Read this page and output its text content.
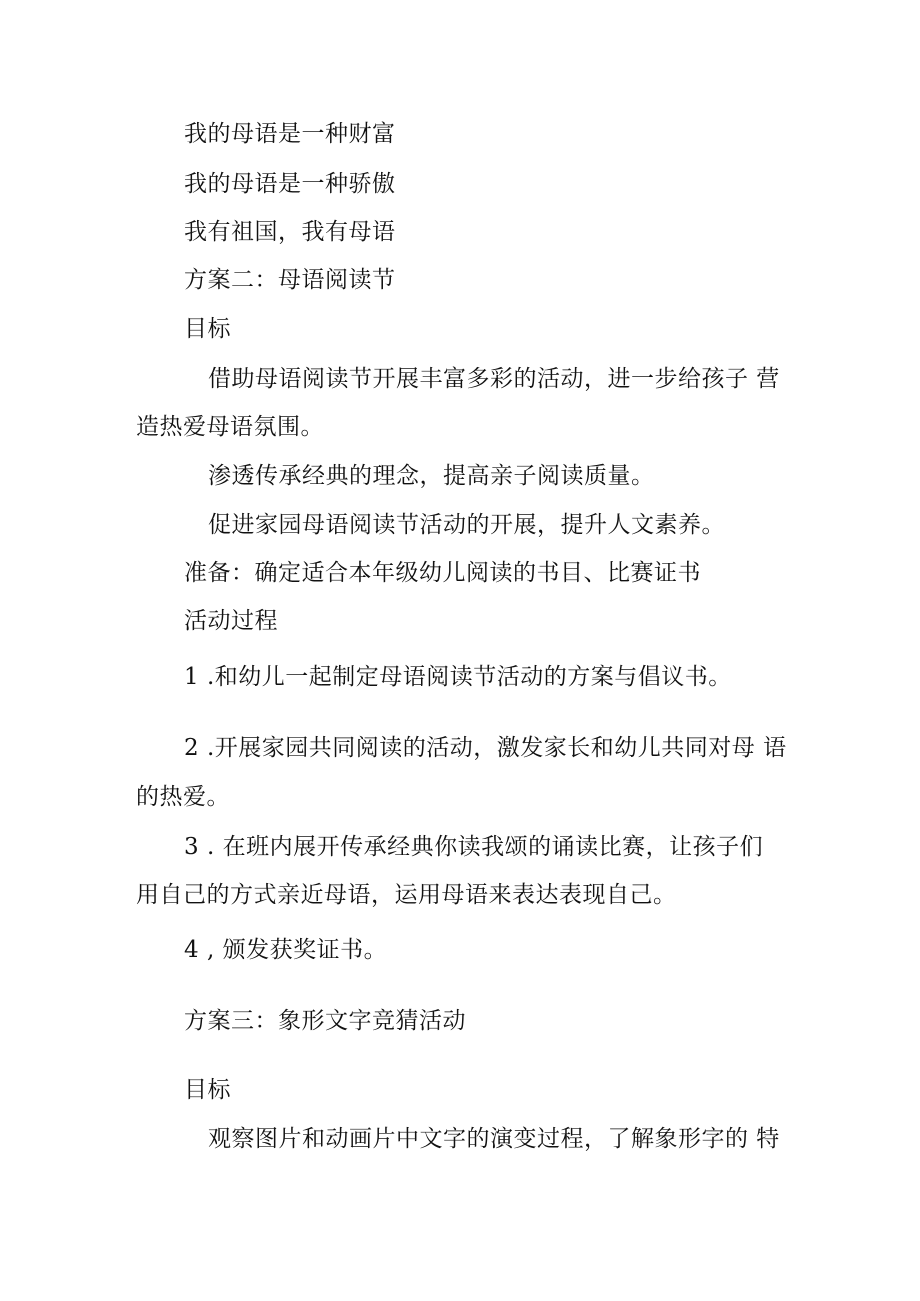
我的母语是一种财富
我的母语是一种骄傲
我有祖国，我有母语
方案二：母语阅读节
目标
借助母语阅读节开展丰富多彩的活动，进一步给孩子 营
造热爱母语氛围。
渗透传承经典的理念，提高亲子阅读质量。
促进家园母语阅读节活动的开展，提升人文素养。
准备：确定适合本年级幼儿阅读的书目、比赛证书
活动过程
1 .和幼儿一起制定母语阅读节活动的方案与倡议书。
2 .开展家园共同阅读的活动，激发家长和幼儿共同对母 语
的热爱。
3 . 在班内展开传承经典你读我颂的诵读比赛，让孩子们
用自己的方式亲近母语，运用母语来表达表现自己。
4 , 颁发获奖证书。
方案三：象形文字竞猜活动
目标
观察图片和动画片中文字的演变过程，了解象形字的 特
